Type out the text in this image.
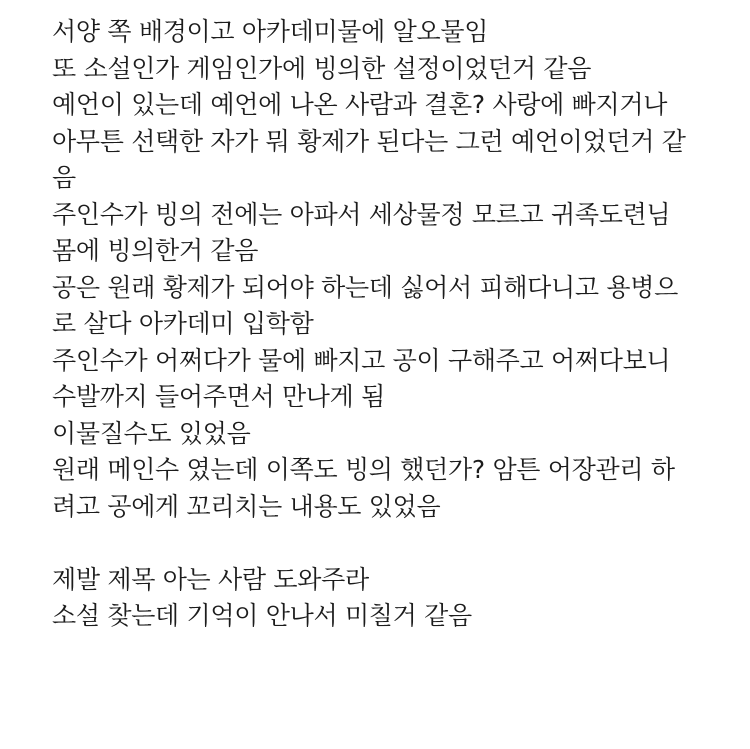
서양 쪽 배경이고 아카데미물에 알오물임
또 소설인가 게임인가에 빙의한 설정이었던거 같음
예언이 있는데 예언에 나온 사람과 결혼? 사랑에 빠지거나
아무튼 선택한 자가 뭐 황제가 된다는 그런 예언이었던거 같
음
주인수가 빙의 전에는 아파서 세상물정 모르고 귀족도련님
몸에 빙의한거 같음
공은 원래 황제가 되어야 하는데 싫어서 피해다니고 용병으
로 살다 아카데미 입학함
주인수가 어쩌다가 물에 빠지고 공이 구해주고 어쩌다보니
수발까지 들어주면서 만나게 됨
이물질수도 있었음
원래 메인수 였는데 이쪽도 빙의 했던가? 암튼 어장관리 하
려고 공에게 꼬리치는 내용도 있었음
제발 제목 아는 사람 도와주라
소설 찾는데 기억이 안나서 미칠거 같음
